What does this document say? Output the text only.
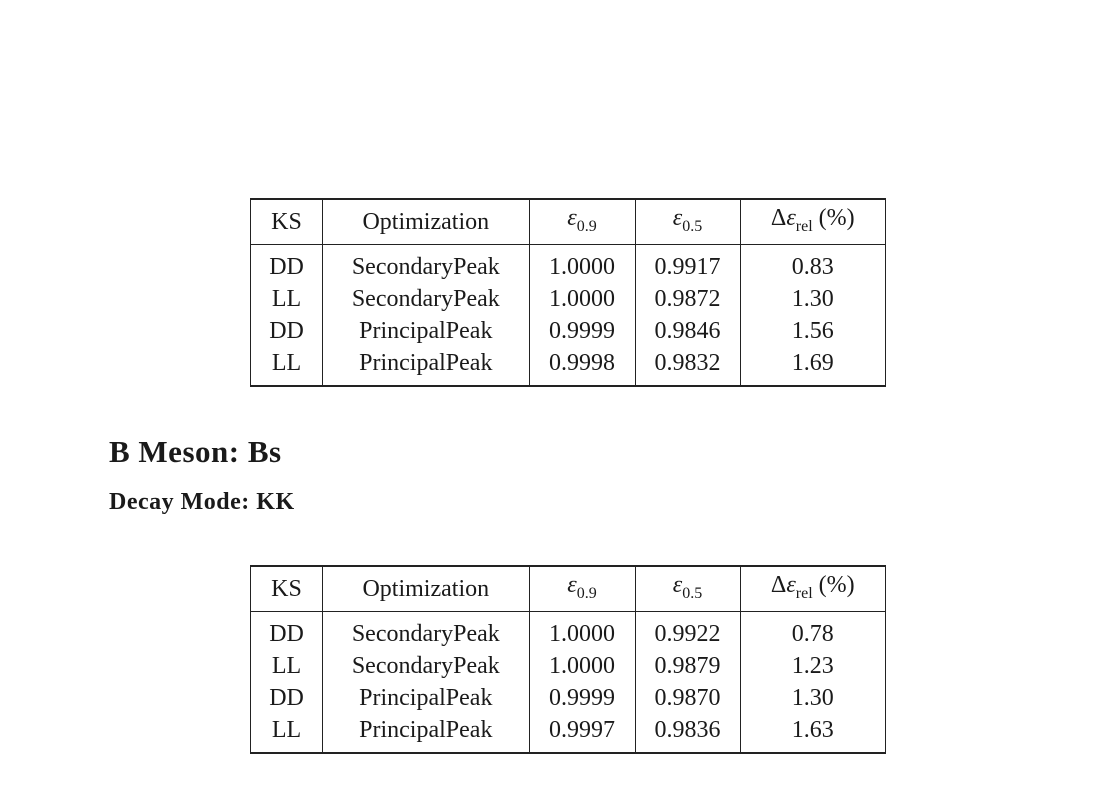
KS	Optimization	$\varepsilon_{0.9}$	$\varepsilon_{0.5}$	$\Delta\varepsilon_{rel}$ (%)
DD	SecondaryPeak	1.0000	0.9917	0.83
LL	SecondaryPeak	1.0000	0.9872	1.30
DD	PrincipalPeak	0.9999	0.9846	1.56
LL	PrincipalPeak	0.9998	0.9832	1.69
B Meson: Bs
Decay Mode: KK
KS	Optimization	$\varepsilon_{0.9}$	$\varepsilon_{0.5}$	$\Delta\varepsilon_{rel}$ (%)
DD	SecondaryPeak	1.0000	0.9922	0.78
LL	SecondaryPeak	1.0000	0.9879	1.23
DD	PrincipalPeak	0.9999	0.9870	1.30
LL	PrincipalPeak	0.9997	0.9836	1.63
